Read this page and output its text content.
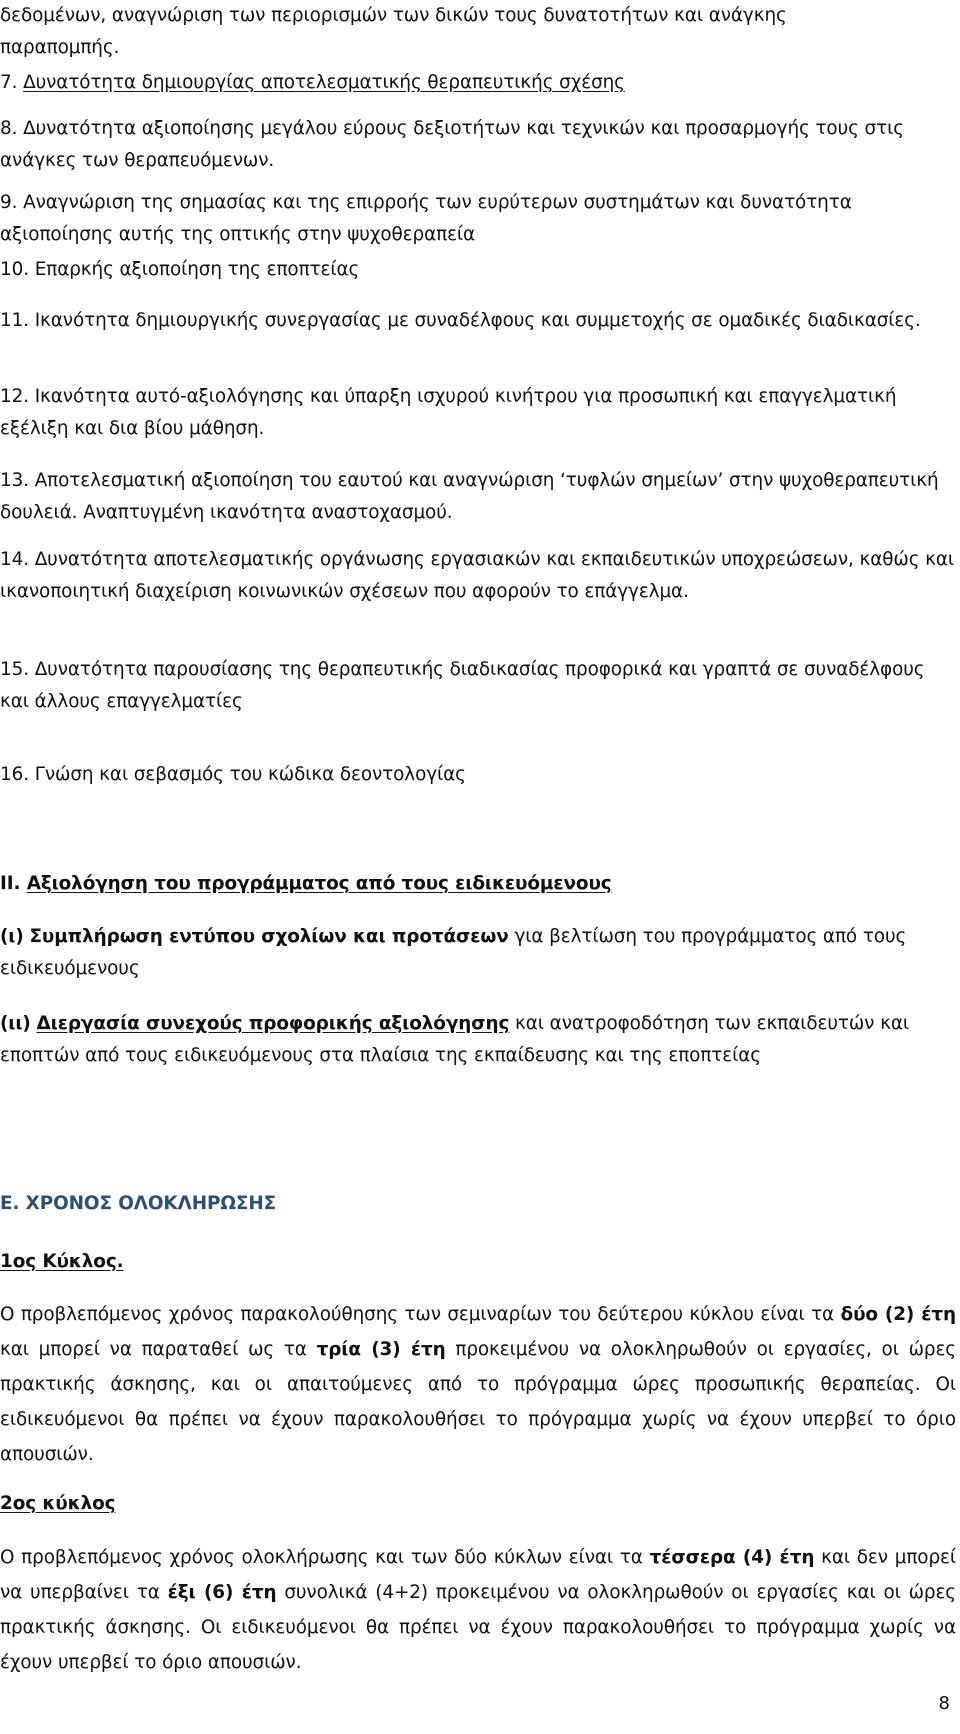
δεδομένων, αναγνώριση των περιορισμών των δικών τους δυνατοτήτων και ανάγκης
παραπομπής.

7. Δυνατότητα δημιουργίας αποτελεσματικής θεραπευτικής σχέσης

8. Δυνατότητα αξιοποίησης μεγάλου εύρους δεξιοτήτων και τεχνικών και προσαρμογής τους στις ανάγκες των θεραπευόμενων.

9. Αναγνώριση της σημασίας και της επιρροής των ευρύτερων συστημάτων και δυνατότητα αξιοποίησης αυτής της οπτικής στην ψυχοθεραπεία

10. Επαρκής αξιοποίηση της εποπτείας

11. Ικανότητα δημιουργικής συνεργασίας με συναδέλφους και συμμετοχής σε ομαδικές διαδικασίες.

12. Ικανότητα αυτό-αξιολόγησης και ύπαρξη ισχυρού κινήτρου για προσωπική και επαγγελματική εξέλιξη και δια βίου μάθηση.

13. Αποτελεσματική αξιοποίηση του εαυτού και αναγνώριση ‘τυφλών σημείων’ στην ψυχοθεραπευτική δουλειά. Αναπτυγμένη ικανότητα αναστοχασμού.

14. Δυνατότητα αποτελεσματικής οργάνωσης εργασιακών και εκπαιδευτικών υποχρεώσεων, καθώς και ικανοποιητική διαχείριση κοινωνικών σχέσεων που αφορούν το επάγγελμα.

15. Δυνατότητα παρουσίασης της θεραπευτικής διαδικασίας προφορικά και γραπτά σε συναδέλφους και άλλους επαγγελματίες

16. Γνώση και σεβασμός του κώδικα δεοντολογίας

ΙΙ. Αξιολόγηση του προγράμματος από τους ειδικευόμενους

(ι) Συμπλήρωση εντύπου σχολίων και προτάσεων για βελτίωση του προγράμματος από τους ειδικευόμενους

(ιι) Διεργασία συνεχούς προφορικής αξιολόγησης και ανατροφοδότηση των εκπαιδευτών και εποπτών από τους ειδικευόμενους στα πλαίσια της εκπαίδευσης και της εποπτείας

Ε. ΧΡΟΝΟΣ ΟΛΟΚΛΗΡΩΣΗΣ

1ος Κύκλος.

Ο προβλεπόμενος χρόνος παρακολούθησης των σεμιναρίων του δεύτερου κύκλου είναι τα δύο (2) έτη και μπορεί να παραταθεί ως τα τρία (3) έτη προκειμένου να ολοκληρωθούν οι εργασίες, οι ώρες πρακτικής άσκησης, και οι απαιτούμενες από το πρόγραμμα ώρες προσωπικής θεραπείας. Οι ειδικευόμενοι θα πρέπει να έχουν παρακολουθήσει το πρόγραμμα χωρίς να έχουν υπερβεί το όριο απουσιών.

2ος κύκλος

Ο προβλεπόμενος χρόνος ολοκλήρωσης και των δύο κύκλων είναι τα τέσσερα (4) έτη και δεν μπορεί να υπερβαίνει τα έξι (6) έτη συνολικά (4+2) προκειμένου να ολοκληρωθούν οι εργασίες και οι ώρες πρακτικής άσκησης. Οι ειδικευόμενοι θα πρέπει να έχουν παρακολουθήσει το πρόγραμμα χωρίς να έχουν υπερβεί το όριο απουσιών.

8
